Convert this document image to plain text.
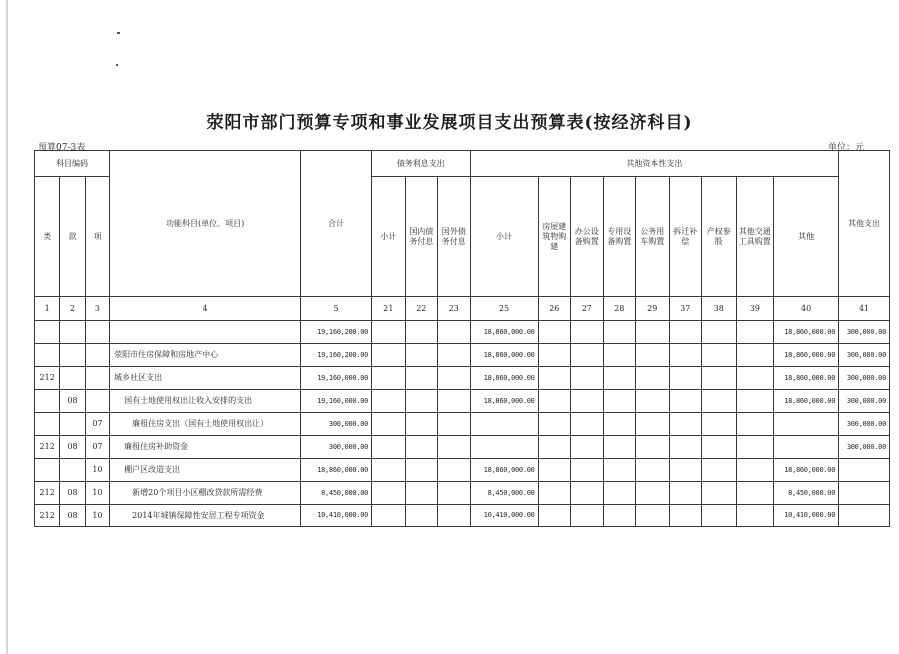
荥阳市部门预算专项和事业发展项目支出预算表(按经济科目)
预算07-3表	单位：元
科目编码			功能科目(单位、项目)	合计	债务利息支出			其他资本性支出									其他支出
类	款	项			小计	国内债务付息	国外债务付息	小计	房屋建筑物购建	办公设备购置	专用设备购置	公务用车购置	拆迁补偿	产权参股	其他交通工具购置	其他	
1	2	3	4	5	21	22	23	25	26	27	28	29	37	38	39	40	41
				19,160,200.00				18,860,000.00								18,860,000.00	300,000.00
			荥阳市住房保障和房地产中心	19,160,200.00				18,860,000.00								18,860,000.00	300,000.00
212			城乡社区支出	19,160,000.00				18,860,000.00								18,860,000.00	300,000.00
	08		国有土地使用权出让收入安排的支出	19,160,000.00				18,860,000.00								18,860,000.00	300,000.00
		07	廉租住房支出（国有土地使用权出让）	300,000.00													300,000.00
212	08	07	廉租住房补助资金	300,000.00													300,000.00
		10	棚户区改造支出	18,860,000.00				18,860,000.00								18,860,000.00	
212	08	10	新增20个项目小区棚改贷款所需经费	8,450,000.00				8,450,000.00								8,450,000.00	
212	08	10	2014年城镇保障性安居工程专项资金	10,410,000.00				10,410,000.00								10,410,000.00	
